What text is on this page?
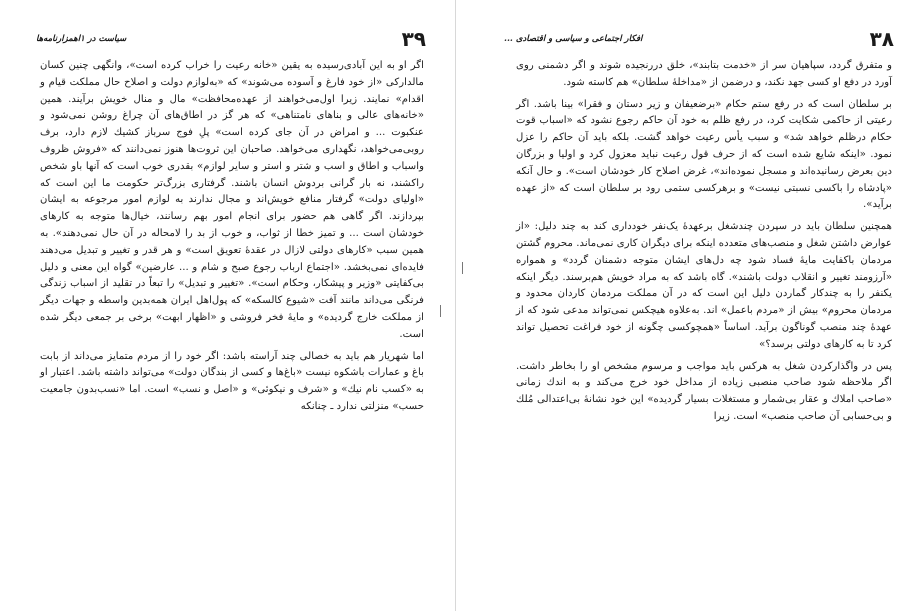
۳۹
سیاست در ۱اهمزارنامه‌ها

اگر او به این آبادی‌رسیده به یقین «خانه رعیت را خراب کرده است»، وانگهی چنین کسان مالدارکی «از خود فارغ و آسوده می‌شوند» که «به‌لوازم دولت و اصلاح حال مملکت قیام و اقدام» نمایند. زیرا اول‌می‌خواهند از عهده‌محافظت» مال و منال خویش برآیند. همین «خانه‌های عالی و بناهای نامتناهی» که هر گز در اطاق‌های آن چراغ روشن نمی‌شود و عنکبوت ... و امراض در آن جای کرده است» پلِ فوج سرباز کشیك لازم دارد، برف روبی‌می‌خواهد، نگهداری می‌خواهد. صاحبان این ثروت‌ها هنوز نمی‌دانند که «فروش ظروف واسباب و اطاق و اسب و شتر و استر و سایر لوازم» بقدری خوب است که آنها باو شخص راکشند، نه بار گرانی بردوش انسان باشند. گرفتاری بزرگ‌تر حکومت ما این است که «اولیای دولت» گرفتار منافع خویش‌اند و مجال ندارند به لوازم امور مرجوعه به ایشان بپردازند. اگر گاهی هم حضور برای انجام امور بهم رسانند، خیال‌ها متوجه به کارهای خودشان است ... و تمیز خطا از ثواب، و خوب از بد را لامحاله در آن حال نمی‌دهند». به همین سبب «کارهای دولتی لازال در عقدهٔ تعویق است» و هر قدر و تغییر و تبدیل می‌دهند فایده‌ای نمی‌بخشد. «اجتماع ارباب رجوع صبح و شام و ... عارضین» گواه این معنی و دلیل بی‌کفایتی «وزیر و پیشکار، وحکام است». «تغییر و تبدیل» را تبعاً در تقلید از اسباب زندگی فرنگی می‌داند مانند آفت «شیوع کالسکه» که پول‌اهل ایران همه‌بدین واسطه و جهات دیگر از مملکت خارج گردیده» و مایهٔ فخر فروشی و «اظهار ابهت» برخی بر جمعی دیگر شده است.

اما شهریار هم باید به خصالی چند آراسته باشد: اگر خود را از مردم متمایز می‌داند از بابت باغ و عمارات باشکوه نیست «باغ‌ها و کسی از بندگان دولت» می‌تواند داشته باشد. اعتبار او به «کسب نام نیك» و «شرف و نیکوئی» و «اصل و نسب» است. اما «نسب‌بدون جامعیت حسب» منزلتی ندارد ـ چنانکه

۳۸
افکار اجتماعی و سیاسی و اقتصادی ...

و متفرق گردد، سپاهیان سر از «خدمت بتابند»، خلق دررنجیده شوند و اگر دشمنی روی آورد در دفع او کسی جهد نکند، و درضمن از «مداخلهٔ سلطان» هم کاسته شود.

بر سلطان است که در رفع ستم حکام «برضعیفان و زیر دستان و فقرا» بینا باشد. اگر رعیتی از حاکمی شکایت کرد، در رفع ظلم به خود آن حاکم رجوع نشود که «اسباب قوت حکام درظلم خواهد شد» و سبب یأس رعیت خواهد گشت. بلکه باید آن حاکم را عزل نمود. «اینکه شایع شده است که از حرف قول رعیت نباید معزول کرد و اولیا و بزرگان دین بعرض رسانیده‌اند و مسجل نموده‌اند»، غرض اصلاح کار خودشان است». و حال آنکه «پادشاه را باکسی نسبتی نیست» و برهرکسی ستمی رود بر سلطان است که «از عهده برآید».

همچنین سلطان باید در سپردن چندشغل برعهدهٔ یک‌نفر خودداری کند به چند دلیل: «از عوارض داشتن شغل و منصب‌های متعدده اینکه برای دیگران کاری نمی‌ماند. محروم گشتن مردمان باکفایت مایهٔ فساد شود چه دل‌های ایشان متوجه دشمنان گردد» و همواره «آرزومند تغییر و انقلاب دولت باشند». گاه باشد که به مراد خویش هم‌برسند. دیگر اینکه یکنفر را به چندکار گماردن دلیل این است که در آن مملکت مردمان کاردان محدود و مردمان محروم» بیش از «مردم باعمل» اند. به‌علاوه هیچکس نمی‌تواند مدعی شود که از عهدهٔ چند منصب گوناگون برآید. اساساً «همچوکسی چگونه از خود فراغت تحصیل تواند کرد تا به کارهای دولتی برسد؟»

پس در واگذارکردن شغل به هرکس باید مواجب و مرسوم مشخص او را بخاطر داشت. اگر ملاحظه شود صاحب منصبی زیاده از مداخل خود خرج می‌کند و به اندك زمانی «صاحب املاك و عقار بی‌شمار و مستغلات بسیار گردیده» این خود نشانهٔ بی‌اعتدالی مُلك و بی‌حسابی آن صاحب منصب» است. زیرا
